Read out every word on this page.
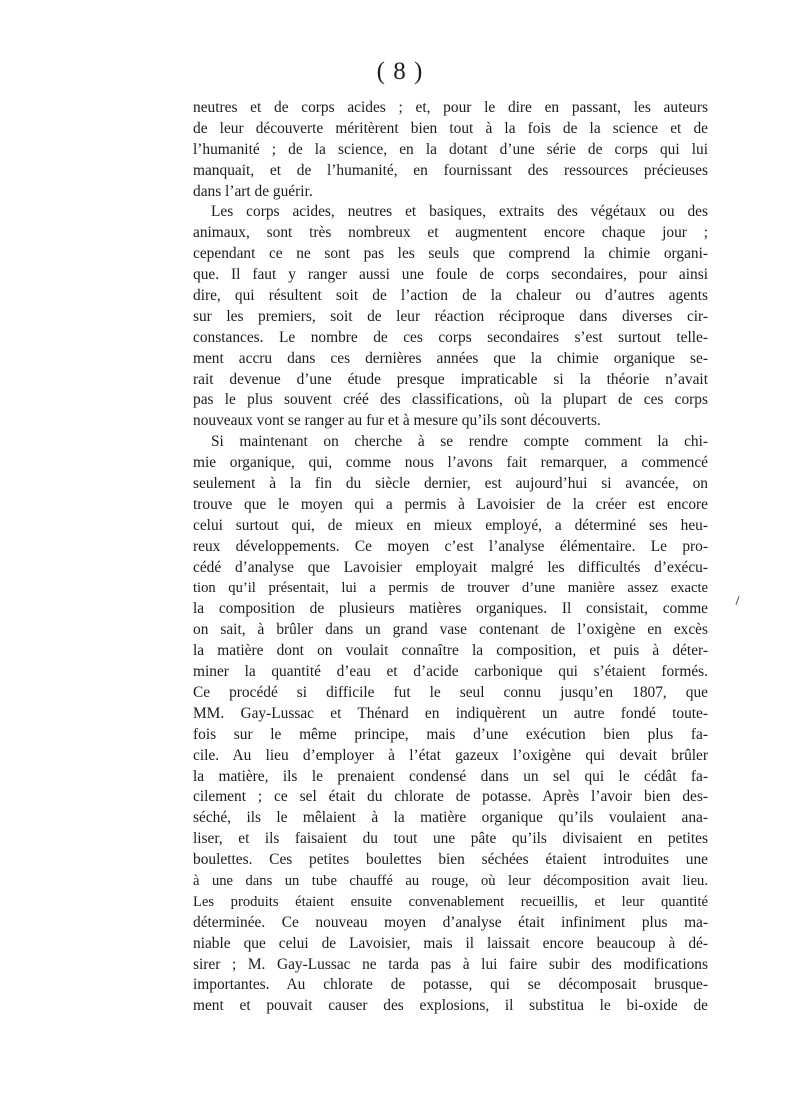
( 8 )
neutres et de corps acides ; et, pour le dire en passant, les auteurs
de leur découverte méritèrent bien tout à la fois de la science et de
l’humanité ; de la science, en la dotant d’une série de corps qui lui
manquait, et de l’humanité, en fournissant des ressources précieuses
dans l’art de guérir.
Les corps acides, neutres et basiques, extraits des végétaux ou des
animaux, sont très nombreux et augmentent encore chaque jour ;
cependant ce ne sont pas les seuls que comprend la chimie organi-
que. Il faut y ranger aussi une foule de corps secondaires, pour ainsi
dire, qui résultent soit de l’action de la chaleur ou d’autres agents
sur les premiers, soit de leur réaction réciproque dans diverses cir-
constances. Le nombre de ces corps secondaires s’est surtout telle-
ment accru dans ces dernières années que la chimie organique se-
rait devenue d’une étude presque impraticable si la théorie n’avait
pas le plus souvent créé des classifications, où la plupart de ces corps
nouveaux vont se ranger au fur et à mesure qu’ils sont découverts.
Si maintenant on cherche à se rendre compte comment la chi-
mie organique, qui, comme nous l’avons fait remarquer, a commencé
seulement à la fin du siècle dernier, est aujourd’hui si avancée, on
trouve que le moyen qui a permis à Lavoisier de la créer est encore
celui surtout qui, de mieux en mieux employé, a déterminé ses heu-
reux développements. Ce moyen c’est l’analyse élémentaire. Le pro-
cédé d’analyse que Lavoisier employait malgré les difficultés d’exécu-
tion qu’il présentait, lui a permis de trouver d’une manière assez exacte
la composition de plusieurs matières organiques. Il consistait, comme
on sait, à brûler dans un grand vase contenant de l’oxigène en excès
la matière dont on voulait connaître la composition, et puis à déter-
miner la quantité d’eau et d’acide carbonique qui s’étaient formés.
Ce procédé si difficile fut le seul connu jusqu’en 1807, que
MM. Gay-Lussac et Thénard en indiquèrent un autre fondé toute-
fois sur le même principe, mais d’une exécution bien plus fa-
cile. Au lieu d’employer à l’état gazeux l’oxigène qui devait brûler
la matière, ils le prenaient condensé dans un sel qui le cédât fa-
cilement ; ce sel était du chlorate de potasse. Après l’avoir bien des-
séché, ils le mêlaient à la matière organique qu’ils voulaient ana-
liser, et ils faisaient du tout une pâte qu’ils divisaient en petites
boulettes. Ces petites boulettes bien séchées étaient introduites une
à une dans un tube chauffé au rouge, où leur décomposition avait lieu.
Les produits étaient ensuite convenablement recueillis, et leur quantité
déterminée. Ce nouveau moyen d’analyse était infiniment plus ma-
niable que celui de Lavoisier, mais il laissait encore beaucoup à dé-
sirer ; M. Gay-Lussac ne tarda pas à lui faire subir des modifications
importantes. Au chlorate de potasse, qui se décomposait brusque-
ment et pouvait causer des explosions, il substitua le bi-oxide de
